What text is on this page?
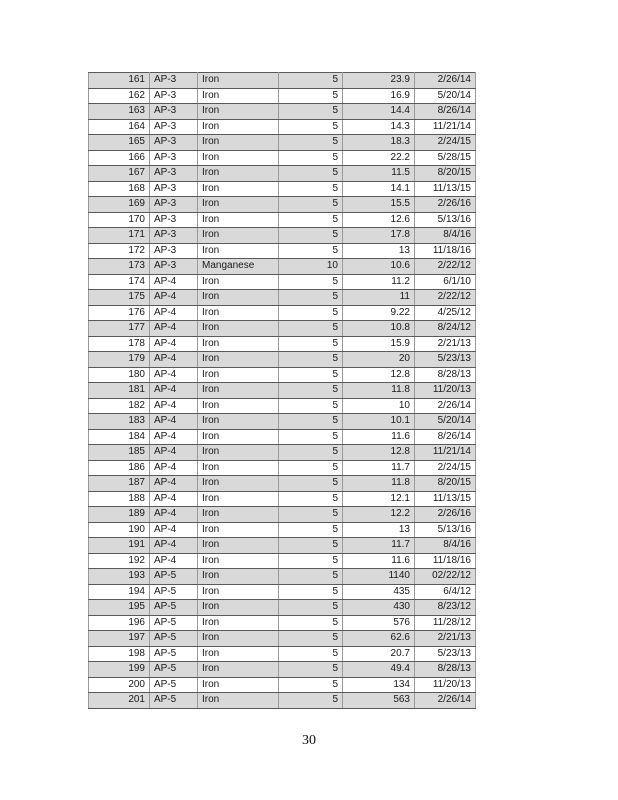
161	AP-3	Iron	5	23.9	2/26/14
162	AP-3	Iron	5	16.9	5/20/14
163	AP-3	Iron	5	14.4	8/26/14
164	AP-3	Iron	5	14.3	11/21/14
165	AP-3	Iron	5	18.3	2/24/15
166	AP-3	Iron	5	22.2	5/28/15
167	AP-3	Iron	5	11.5	8/20/15
168	AP-3	Iron	5	14.1	11/13/15
169	AP-3	Iron	5	15.5	2/26/16
170	AP-3	Iron	5	12.6	5/13/16
171	AP-3	Iron	5	17.8	8/4/16
172	AP-3	Iron	5	13	11/18/16
173	AP-3	Manganese	10	10.6	2/22/12
174	AP-4	Iron	5	11.2	6/1/10
175	AP-4	Iron	5	11	2/22/12
176	AP-4	Iron	5	9.22	4/25/12
177	AP-4	Iron	5	10.8	8/24/12
178	AP-4	Iron	5	15.9	2/21/13
179	AP-4	Iron	5	20	5/23/13
180	AP-4	Iron	5	12.8	8/28/13
181	AP-4	Iron	5	11.8	11/20/13
182	AP-4	Iron	5	10	2/26/14
183	AP-4	Iron	5	10.1	5/20/14
184	AP-4	Iron	5	11.6	8/26/14
185	AP-4	Iron	5	12.8	11/21/14
186	AP-4	Iron	5	11.7	2/24/15
187	AP-4	Iron	5	11.8	8/20/15
188	AP-4	Iron	5	12.1	11/13/15
189	AP-4	Iron	5	12.2	2/26/16
190	AP-4	Iron	5	13	5/13/16
191	AP-4	Iron	5	11.7	8/4/16
192	AP-4	Iron	5	11.6	11/18/16
193	AP-5	Iron	5	1140	02/22/12
194	AP-5	Iron	5	435	6/4/12
195	AP-5	Iron	5	430	8/23/12
196	AP-5	Iron	5	576	11/28/12
197	AP-5	Iron	5	62.6	2/21/13
198	AP-5	Iron	5	20.7	5/23/13
199	AP-5	Iron	5	49.4	8/28/13
200	AP-5	Iron	5	134	11/20/13
201	AP-5	Iron	5	563	2/26/14
30
